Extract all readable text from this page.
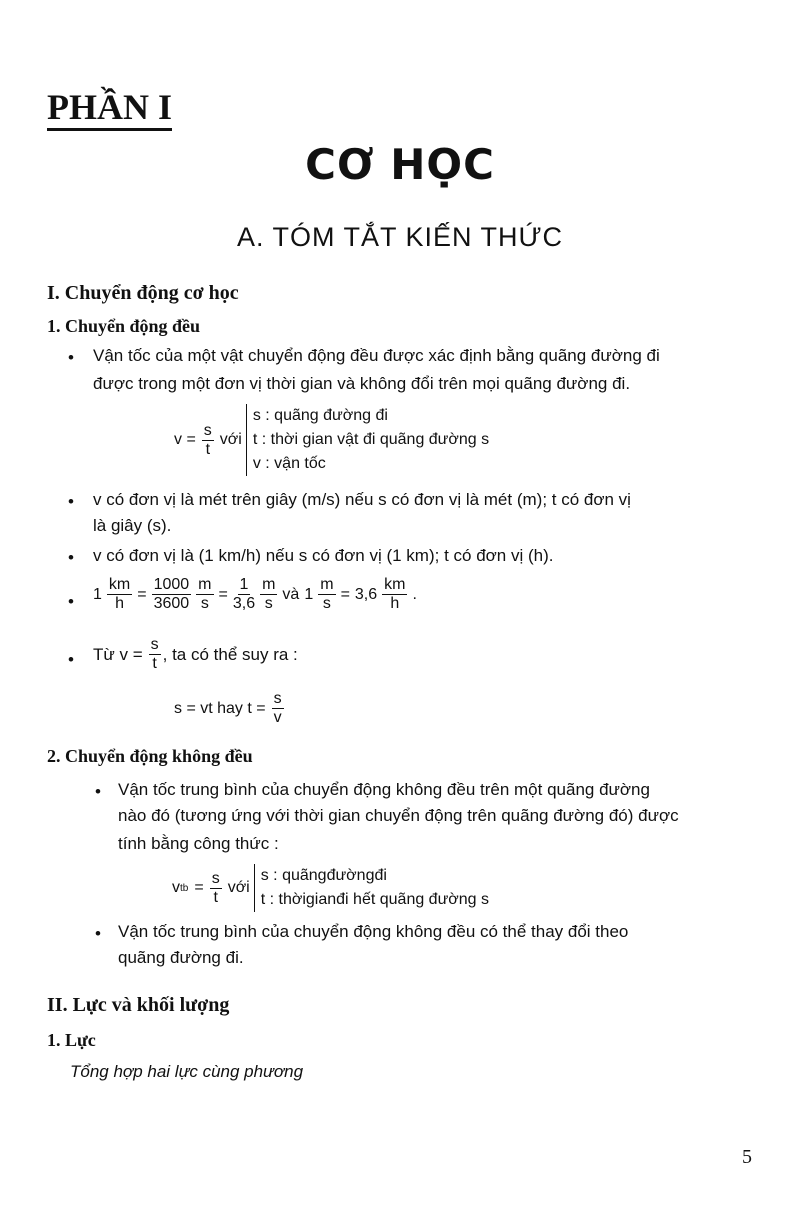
PHẦN I
CƠ HỌC
A. TÓM TẮT KIẾN THỨC
I. Chuyển động cơ học
1. Chuyển động đều
• Vận tốc của một vật chuyển động đều được xác định bằng quãng đường đi
được trong một đơn vị thời gian và không đổi trên mọi quãng đường đi.
$v = \frac{s}{t}$ với
s : quãng đường đi
t : thời gian vật đi quãng đường s
v : vận tốc
• v có đơn vị là mét trên giây (m/s) nếu s có đơn vị là mét (m); t có đơn vị
là giây (s).
• v có đơn vị là (1 km/h) nếu s có đơn vị (1 km); t có đơn vị (h).
• $1 \frac{km}{h} = \frac{1000}{3600} \frac{m}{s} = \frac{1}{3,6} \frac{m}{s}$ và $1 \frac{m}{s} = 3,6 \frac{km}{h}$ .
• Từ $v = \frac{s}{t}$ , ta có thể suy ra :
s = vt hay $t = \frac{s}{v}$
2. Chuyển động không đều
• Vận tốc trung bình của chuyển động không đều trên một quãng đường
nào đó (tương ứng với thời gian chuyển động trên quãng đường đó) được
tính bằng công thức :
v tb = $\frac{s}{t}$ với
s : quãngđườngđi
t : thờigianđi hết quãng đường s
• Vận tốc trung bình của chuyển động không đều có thể thay đổi theo
quãng đường đi.
II. Lực và khối lượng
1. Lực
Tổng hợp hai lực cùng phương
5
